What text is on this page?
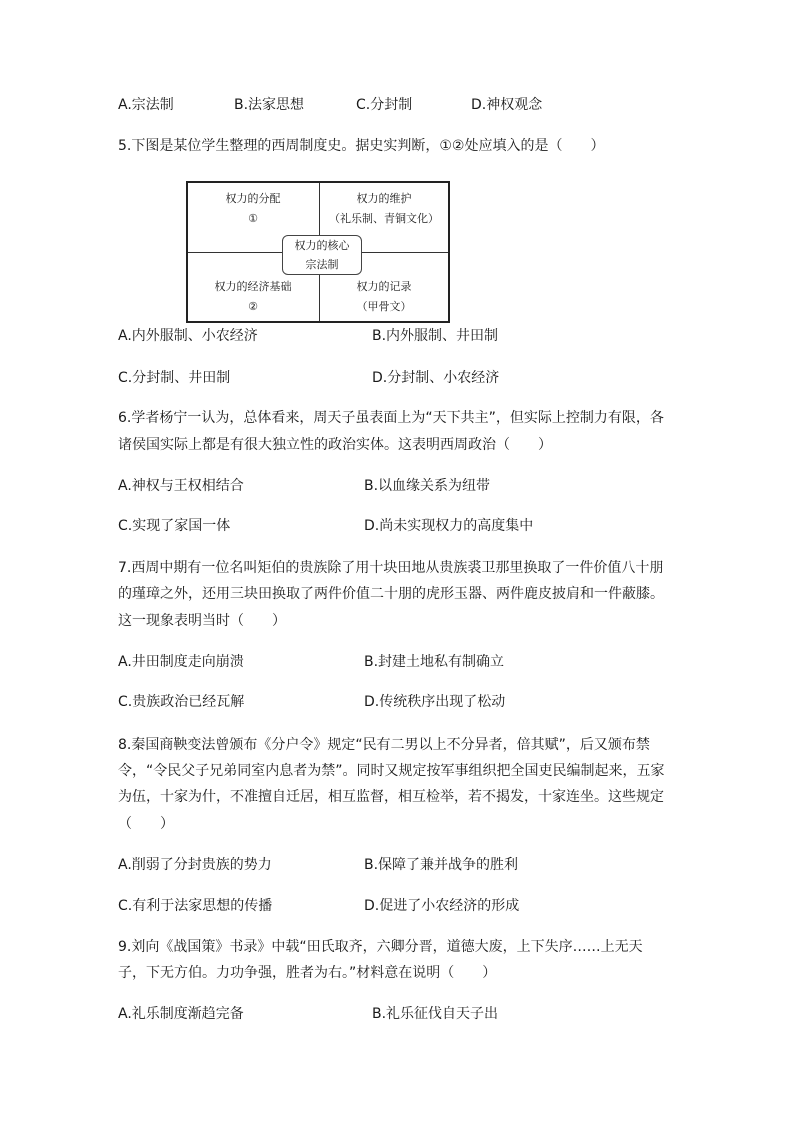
A.宗法制	B.法家思想	C.分封制	D.神权观念
5.下图是某位学生整理的西周制度史。据史实判断，①②处应填入的是（　　）
权力的分配
①
权力的维护
（礼乐制、青铜文化）
权力的经济基础
②
权力的记录
（甲骨文）
权力的核心
宗法制
A.内外服制、小农经济	B.内外服制、井田制
C.分封制、井田制	D.分封制、小农经济
6.学者杨宁一认为，总体看来，周天子虽表面上为“天下共主”，但实际上控制力有限，各
诸侯国实际上都是有很大独立性的政治实体。这表明西周政治（　　）
A.神权与王权相结合	B.以血缘关系为纽带
C.实现了家国一体	D.尚未实现权力的高度集中
7.西周中期有一位名叫矩伯的贵族除了用十块田地从贵族裘卫那里换取了一件价值八十朋
的瑾璋之外，还用三块田换取了两件价值二十朋的虎形玉器、两件鹿皮披肩和一件蔽膝。
这一现象表明当时（　　）
A.井田制度走向崩溃	B.封建土地私有制确立
C.贵族政治已经瓦解	D.传统秩序出现了松动
8.秦国商鞅变法曾颁布《分户令》规定“民有二男以上不分异者，倍其赋”，后又颁布禁
令，“令民父子兄弟同室内息者为禁”。同时又规定按军事组织把全国吏民编制起来，五家
为伍，十家为什，不准擅自迁居，相互监督，相互检举，若不揭发，十家连坐。这些规定
（　　）
A.削弱了分封贵族的势力	B.保障了兼并战争的胜利
C.有利于法家思想的传播	D.促进了小农经济的形成
9.刘向《战国策》书录》中载“田氏取齐，六卿分晋，道德大废，上下失序……上无天
子，下无方伯。力功争强，胜者为右。”材料意在说明（　　）
A.礼乐制度渐趋完备	B.礼乐征伐自天子出
